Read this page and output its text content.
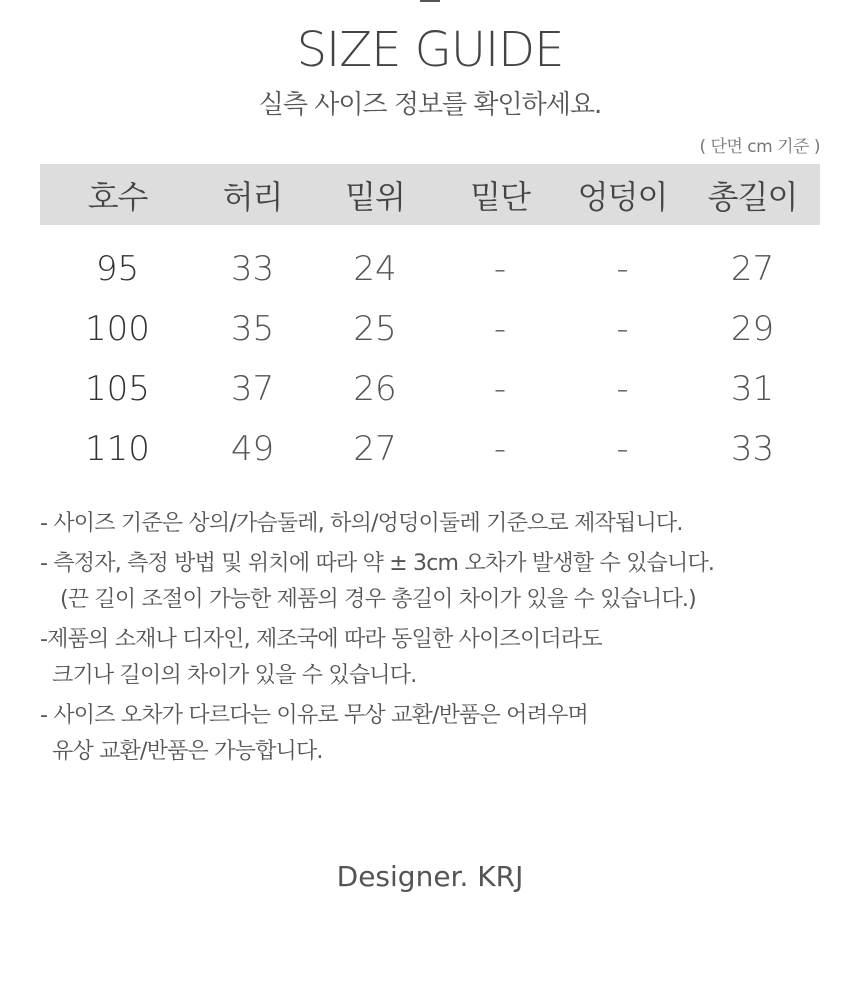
SIZE GUIDE
실측 사이즈 정보를 확인하세요.
( 단면 cm 기준 )
호수	허리	밑위	밑단	엉덩이	총길이
95	33	24	-	-	27
100	35	25	-	-	29
105	37	26	-	-	31
110	49	27	-	-	33
- 사이즈 기준은 상의/가슴둘레, 하의/엉덩이둘레 기준으로 제작됩니다.
- 측정자, 측정 방법 및 위치에 따라 약 ± 3cm 오차가 발생할 수 있습니다.
(끈 길이 조절이 가능한 제품의 경우 총길이 차이가 있을 수 있습니다.)
-제품의 소재나 디자인, 제조국에 따라 동일한 사이즈이더라도
크기나 길이의 차이가 있을 수 있습니다.
- 사이즈 오차가 다르다는 이유로 무상 교환/반품은 어려우며
유상 교환/반품은 가능합니다.
Designer. KRJ
